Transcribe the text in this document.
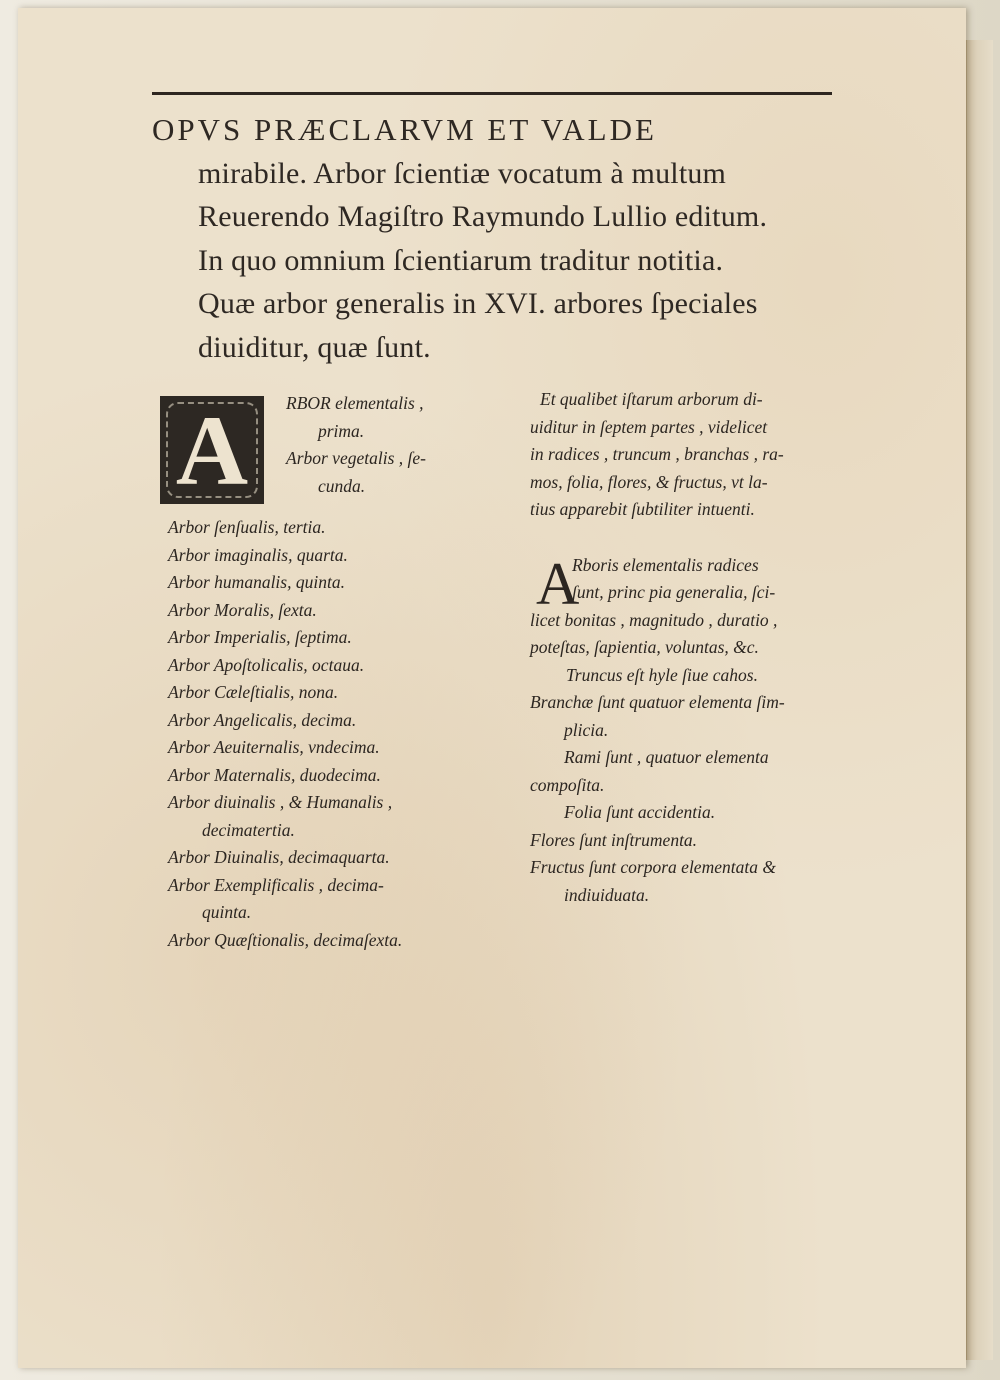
OPVS PRÆCLARVM ET VALDE
mirabile. Arbor ſcientiæ vocatum à multum
Reuerendo Magiſtro Raymundo Lullio editum.
In quo omnium ſcientiarum traditur notitia.
Quæ arbor generalis in XVI. arbores ſpeciales
diuiditur, quæ ſunt.
A	RBOR elementalis ,
prima.
Arbor vegetalis , ſe-
cunda.
Arbor ſenſualis, tertia.
Arbor imaginalis, quarta.
Arbor humanalis, quinta.
Arbor Moralis, ſexta.
Arbor Imperialis, ſeptima.
Arbor Apoſtolicalis, octaua.
Arbor Cæleſtialis, nona.
Arbor Angelicalis, decima.
Arbor Aeuiternalis, vndecima.
Arbor Maternalis, duodecima.
Arbor diuinalis , & Humanalis ,
decimatertia.
Arbor Diuinalis, decimaquarta.
Arbor Exemplificalis , decima-
quinta.
Arbor Quæſtionalis, decimaſexta.
Et qualibet iſtarum arborum di-
uiditur in ſeptem partes , videlicet
in radices , truncum , branchas , ra-
mos, folia, flores, & fructus, vt la-
tius apparebit ſubtiliter intuenti.
A
Rboris elementalis radices
ſunt, princ pia generalia, ſci-
licet bonitas , magnitudo , duratio ,
poteſtas, ſapientia, voluntas, &c.
Truncus eſt hyle ſiue cahos.
Branchæ ſunt quatuor elementa ſim-
plicia.
Rami ſunt , quatuor elementa
compoſita.
Folia ſunt accidentia.
Flores ſunt inſtrumenta.
Fructus ſunt corpora elementata &
indiuiduata.
